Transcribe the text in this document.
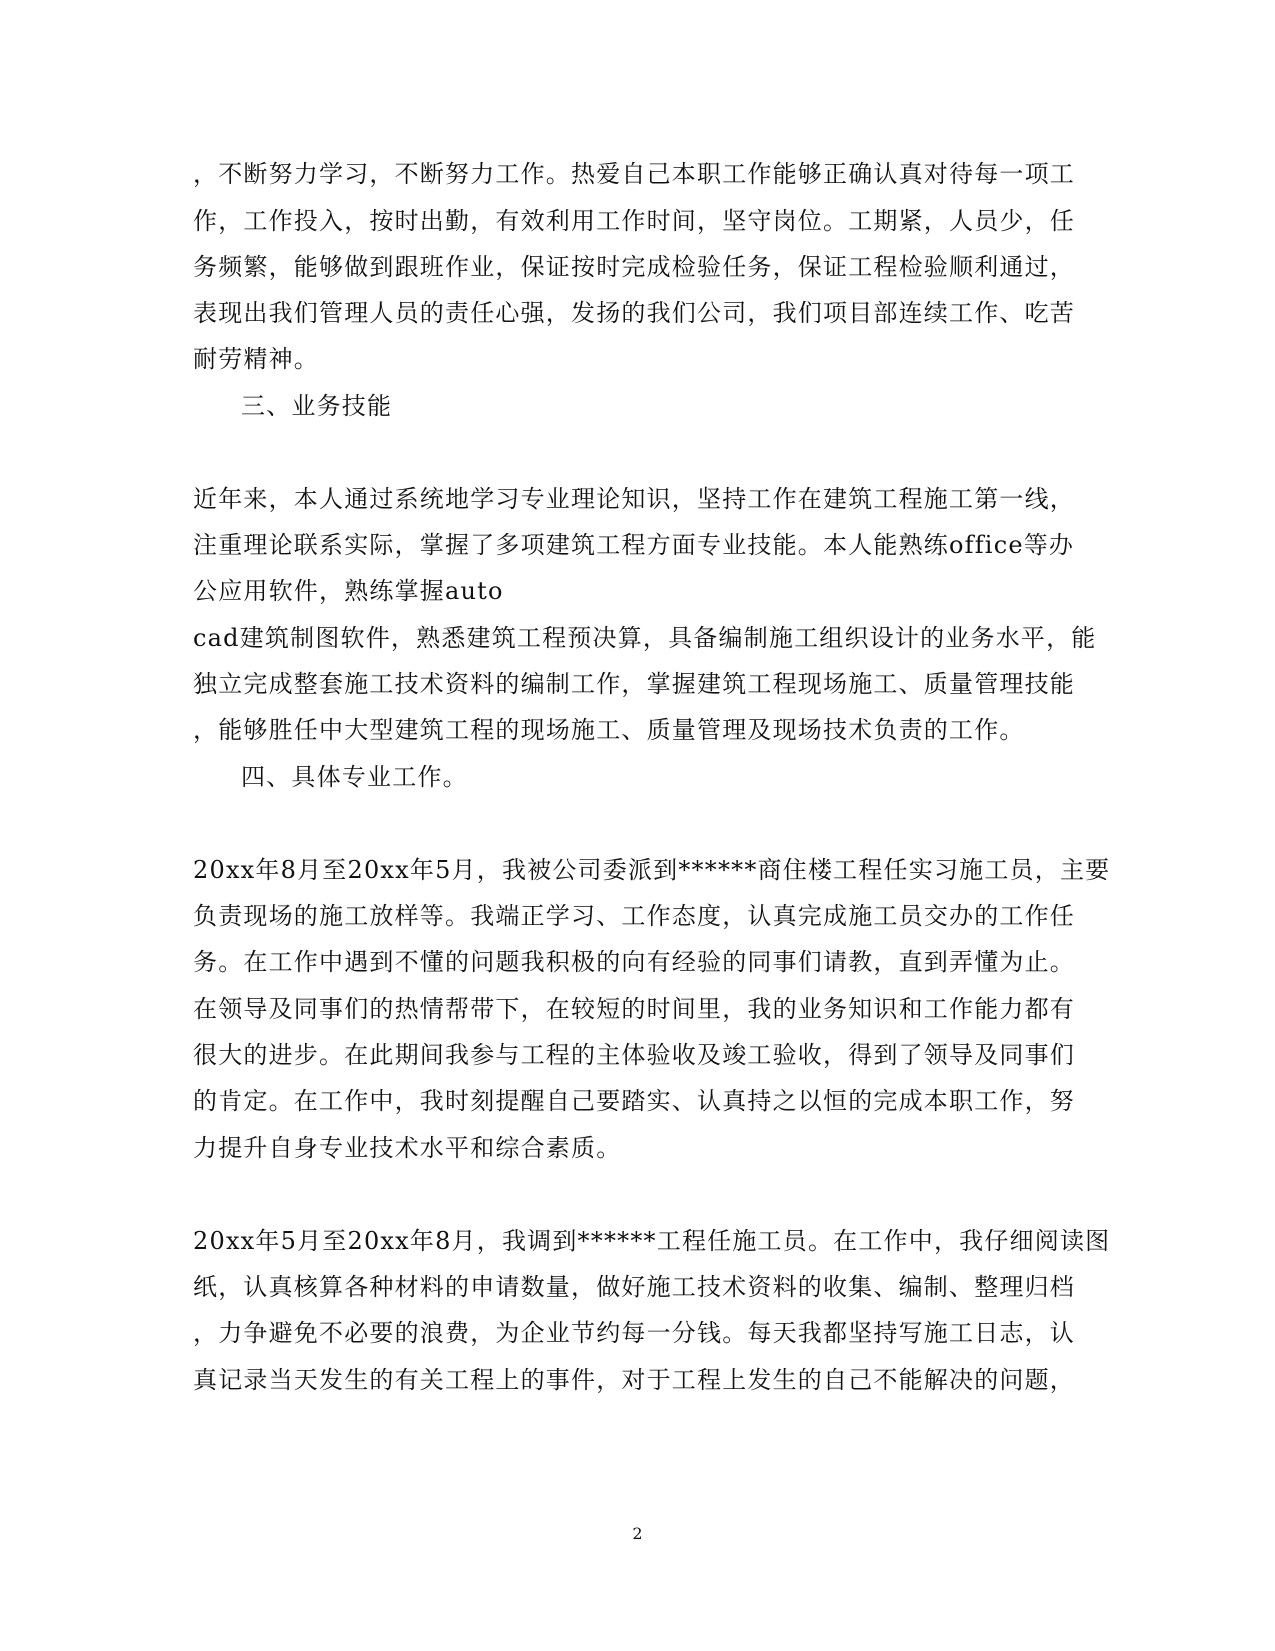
，不断努力学习，不断努力工作。热爱自己本职工作能够正确认真对待每一项工
作，工作投入，按时出勤，有效利用工作时间，坚守岗位。工期紧，人员少，任
务频繁，能够做到跟班作业，保证按时完成检验任务，保证工程检验顺利通过，
表现出我们管理人员的责任心强，发扬的我们公司，我们项目部连续工作、吃苦
耐劳精神。
三、业务技能
近年来，本人通过系统地学习专业理论知识，坚持工作在建筑工程施工第一线，
注重理论联系实际，掌握了多项建筑工程方面专业技能。本人能熟练office等办
公应用软件，熟练掌握auto
cad建筑制图软件，熟悉建筑工程预决算，具备编制施工组织设计的业务水平，能
独立完成整套施工技术资料的编制工作，掌握建筑工程现场施工、质量管理技能
，能够胜任中大型建筑工程的现场施工、质量管理及现场技术负责的工作。
四、具体专业工作。
20xx年8月至20xx年5月，我被公司委派到******商住楼工程任实习施工员，主要
负责现场的施工放样等。我端正学习、工作态度，认真完成施工员交办的工作任
务。在工作中遇到不懂的问题我积极的向有经验的同事们请教，直到弄懂为止。
在领导及同事们的热情帮带下，在较短的时间里，我的业务知识和工作能力都有
很大的进步。在此期间我参与工程的主体验收及竣工验收，得到了领导及同事们
的肯定。在工作中，我时刻提醒自己要踏实、认真持之以恒的完成本职工作，努
力提升自身专业技术水平和综合素质。
20xx年5月至20xx年8月，我调到******工程任施工员。在工作中，我仔细阅读图
纸，认真核算各种材料的申请数量，做好施工技术资料的收集、编制、整理归档
，力争避免不必要的浪费，为企业节约每一分钱。每天我都坚持写施工日志，认
真记录当天发生的有关工程上的事件，对于工程上发生的自己不能解决的问题，
2
